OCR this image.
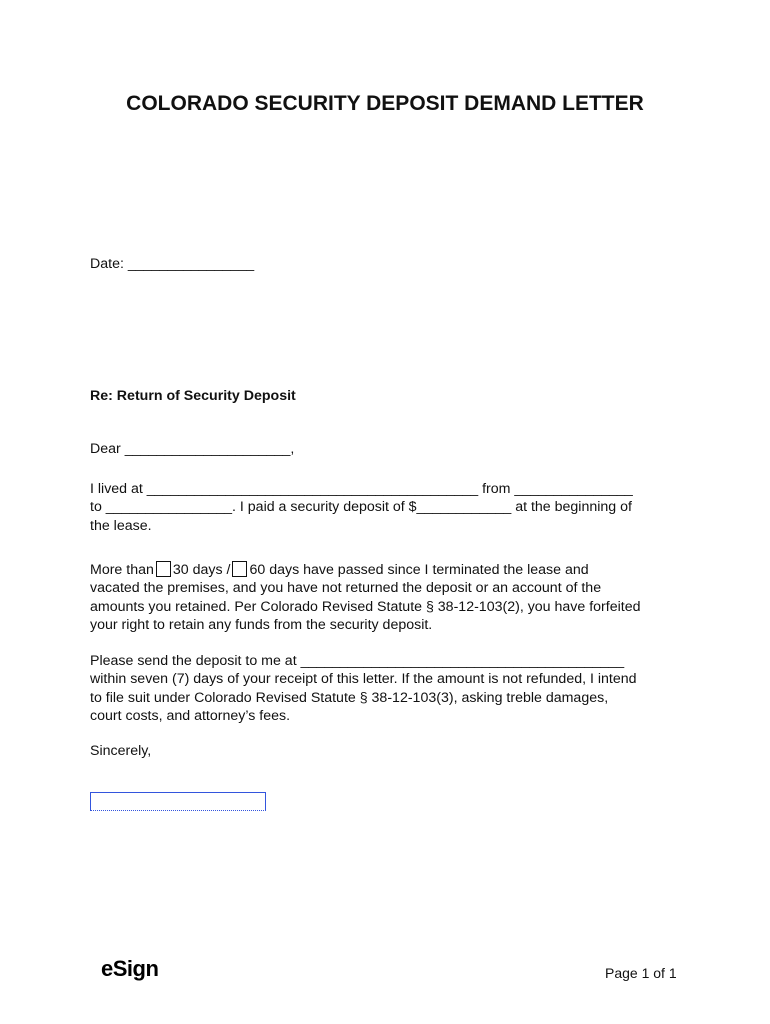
COLORADO SECURITY DEPOSIT DEMAND LETTER

Date: ________________

Re: Return of Security Deposit

Dear _____________________,

I lived at __________________________________________ from _______________
to ________________. I paid a security deposit of $____________ at the beginning of
the lease.
More than 30 days / 60 days have passed since I terminated the lease and
vacated the premises, and you have not returned the deposit or an account of the
amounts you retained. Per Colorado Revised Statute § 38-12-103(2), you have forfeited
your right to retain any funds from the security deposit.
Please send the deposit to me at _________________________________________
within seven (7) days of your receipt of this letter. If the amount is not refunded, I intend
to file suit under Colorado Revised Statute § 38-12-103(3), asking treble damages,
court costs, and attorney’s fees.

Sincerely,

eSign	Page 1 of 1
